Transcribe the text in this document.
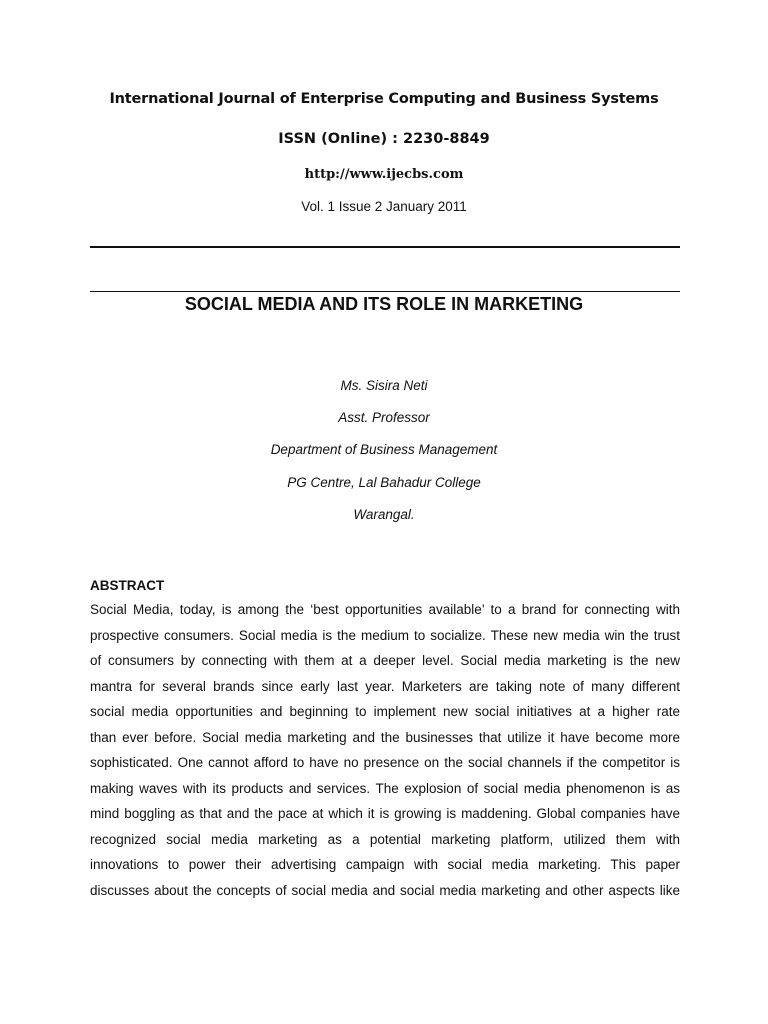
International Journal of Enterprise Computing and Business Systems
ISSN (Online) : 2230-8849
http://www.ijecbs.com
Vol. 1 Issue 2 January 2011
SOCIAL MEDIA AND ITS ROLE IN MARKETING
Ms. Sisira Neti
Asst. Professor
Department of Business Management
PG Centre, Lal Bahadur College
Warangal.
ABSTRACT
Social Media, today, is among the ‘best opportunities available’ to a brand for connecting with
prospective consumers. Social media is the medium to socialize. These new media win the trust
of consumers by connecting with them at a deeper level. Social media marketing is the new
mantra for several brands since early last year. Marketers are taking note of many different
social media opportunities and beginning to implement new social initiatives at a higher rate
than ever before. Social media marketing and the businesses that utilize it have become more
sophisticated. One cannot afford to have no presence on the social channels if the competitor is
making waves with its products and services. The explosion of social media phenomenon is as
mind boggling as that and the pace at which it is growing is maddening. Global companies have
recognized social media marketing as a potential marketing platform, utilized them with
innovations to power their advertising campaign with social media marketing. This paper
discusses about the concepts of social media and social media marketing and other aspects like
